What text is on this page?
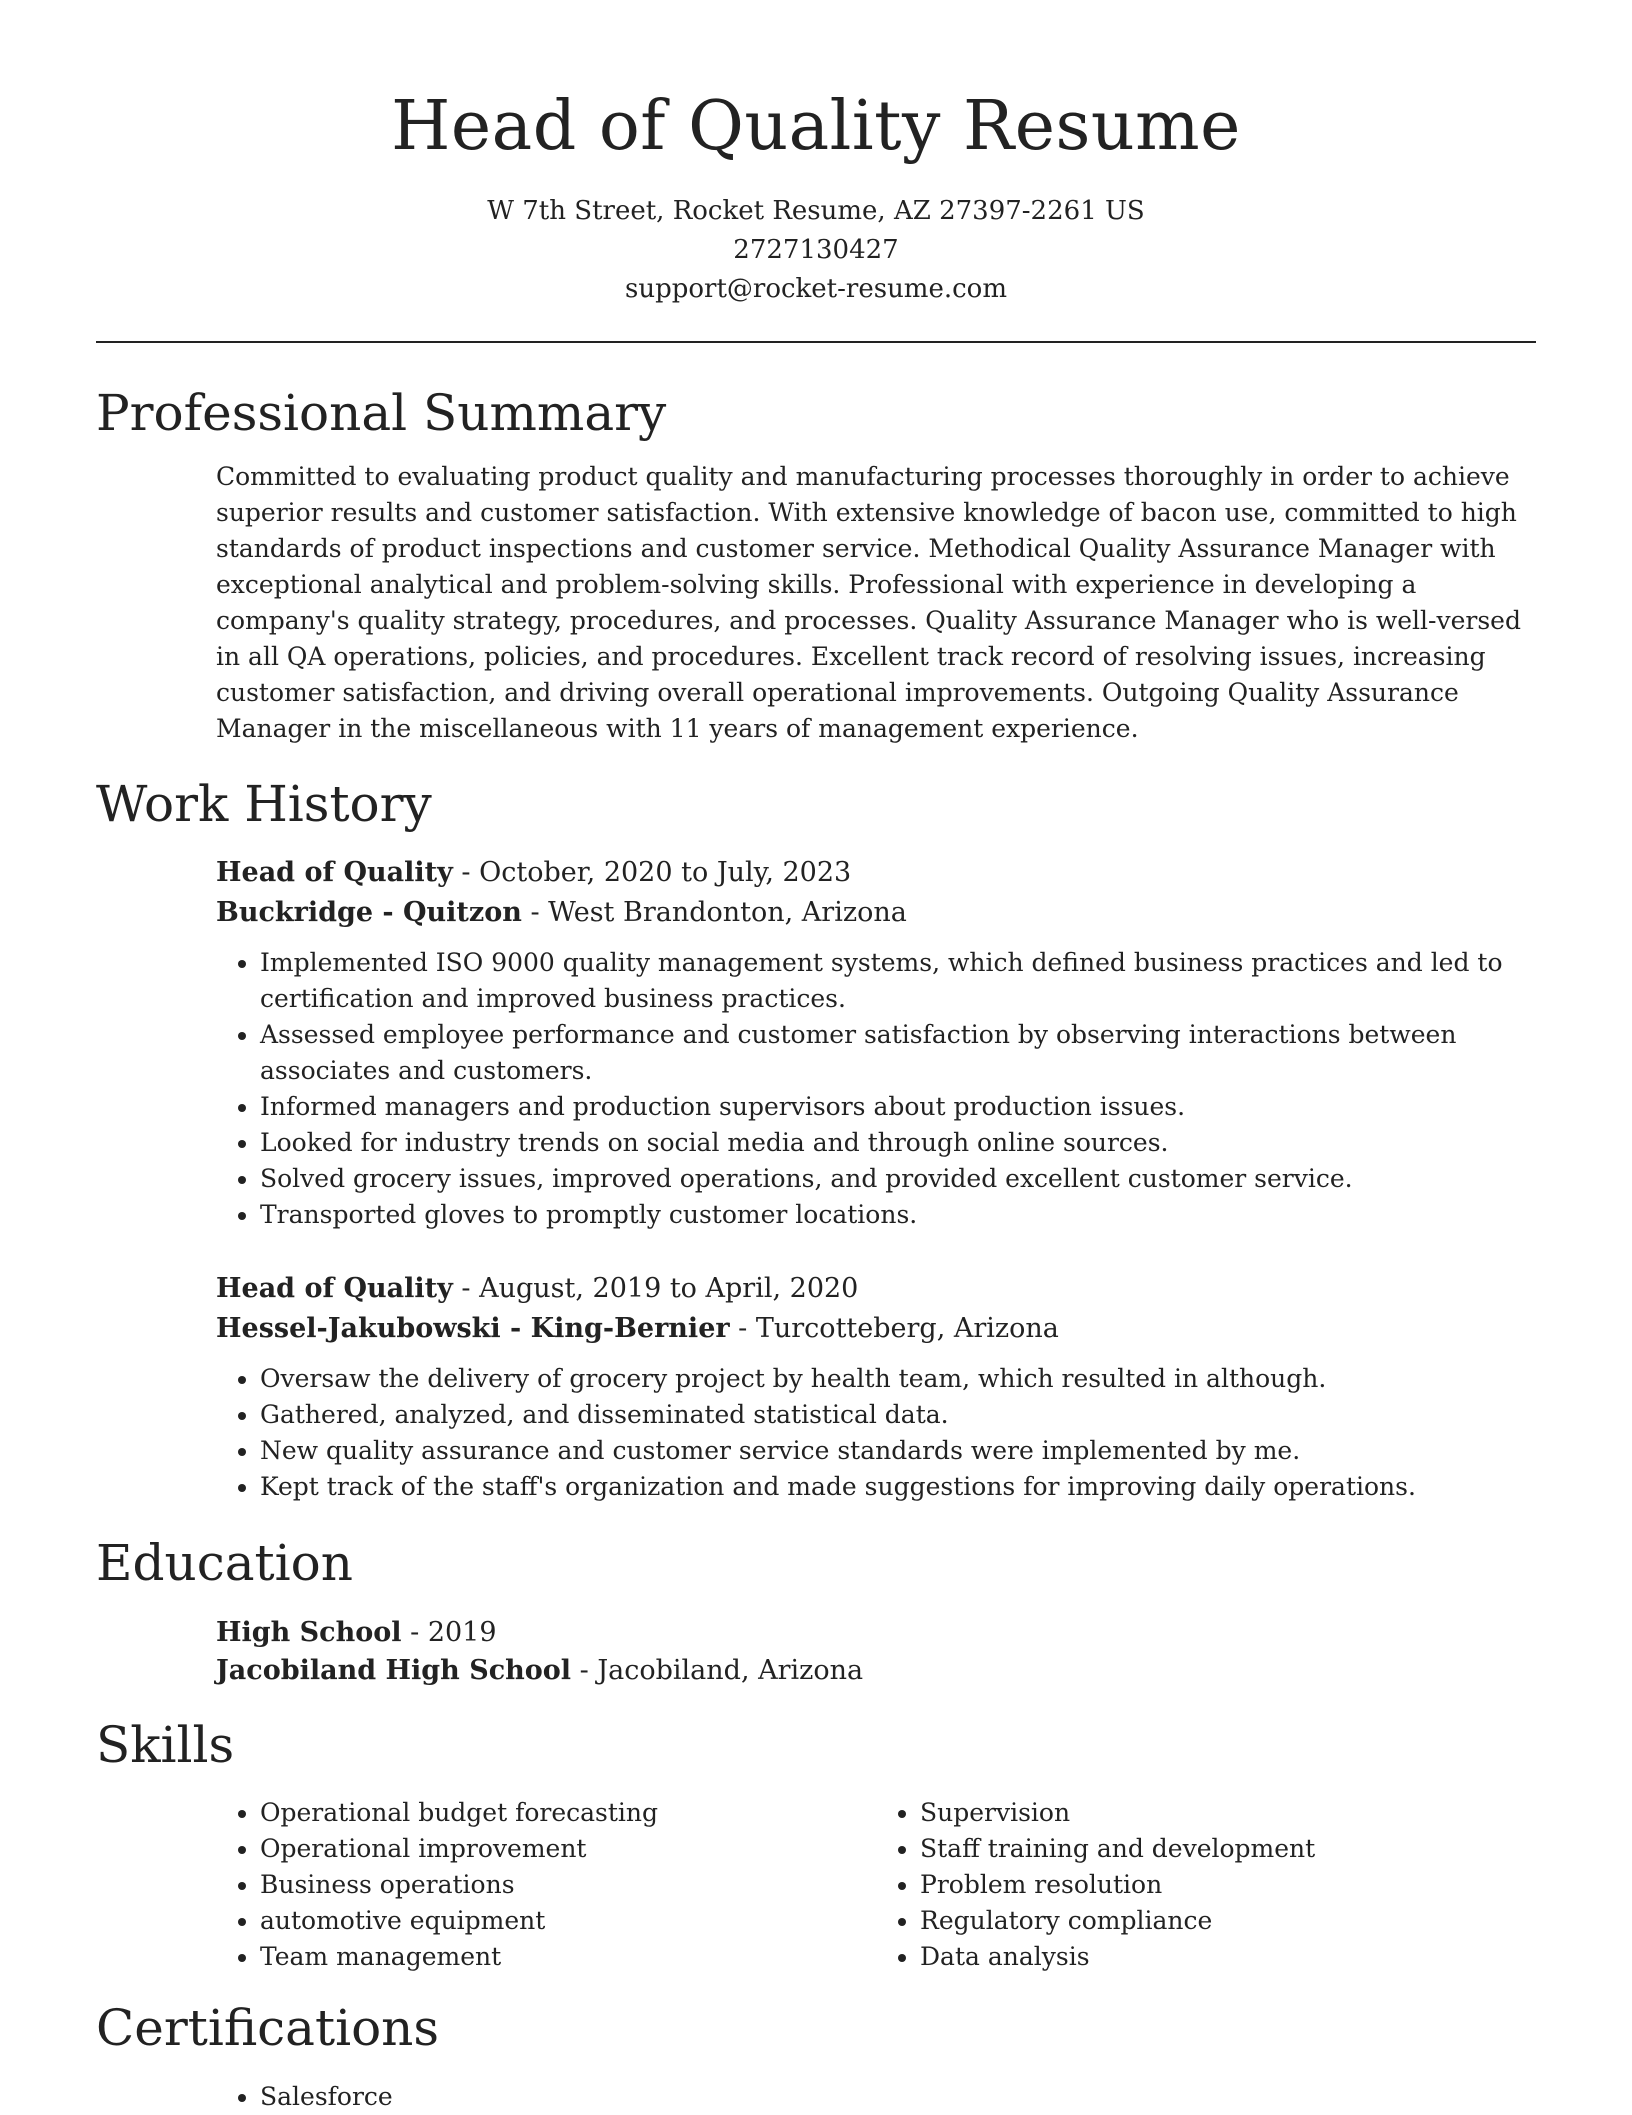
Head of Quality Resume
W 7th Street, Rocket Resume, AZ 27397-2261 US
2727130427
support@rocket-resume.com
Professional Summary
Committed to evaluating product quality and manufacturing processes thoroughly in order to achieve superior results and customer satisfaction. With extensive knowledge of bacon use, committed to high standards of product inspections and customer service. Methodical Quality Assurance Manager with exceptional analytical and problem-solving skills. Professional with experience in developing a company's quality strategy, procedures, and processes. Quality Assurance Manager who is well-versed in all QA operations, policies, and procedures. Excellent track record of resolving issues, increasing customer satisfaction, and driving overall operational improvements. Outgoing Quality Assurance Manager in the miscellaneous with 11 years of management experience.
Work History

Head of Quality - October, 2020 to July, 2023

Buckridge - Quitzon - West Brandonton, Arizona

• Implemented ISO 9000 quality management systems, which defined business practices and led to certification and improved business practices.
• Assessed employee performance and customer satisfaction by observing interactions between associates and customers.
• Informed managers and production supervisors about production issues.
• Looked for industry trends on social media and through online sources.
• Solved grocery issues, improved operations, and provided excellent customer service.
• Transported gloves to promptly customer locations.

Head of Quality - August, 2019 to April, 2020

Hessel-Jakubowski - King-Bernier - Turcotteberg, Arizona

• Oversaw the delivery of grocery project by health team, which resulted in although.
• Gathered, analyzed, and disseminated statistical data.
• New quality assurance and customer service standards were implemented by me.
• Kept track of the staff's organization and made suggestions for improving daily operations.
Education

High School - 2019

Jacobiland High School - Jacobiland, Arizona

Skills
• Operational budget forecasting
• Operational improvement
• Business operations
• automotive equipment
• Team management
• Supervision
• Staff training and development
• Problem resolution
• Regulatory compliance
• Data analysis
Certifications
• Salesforce
